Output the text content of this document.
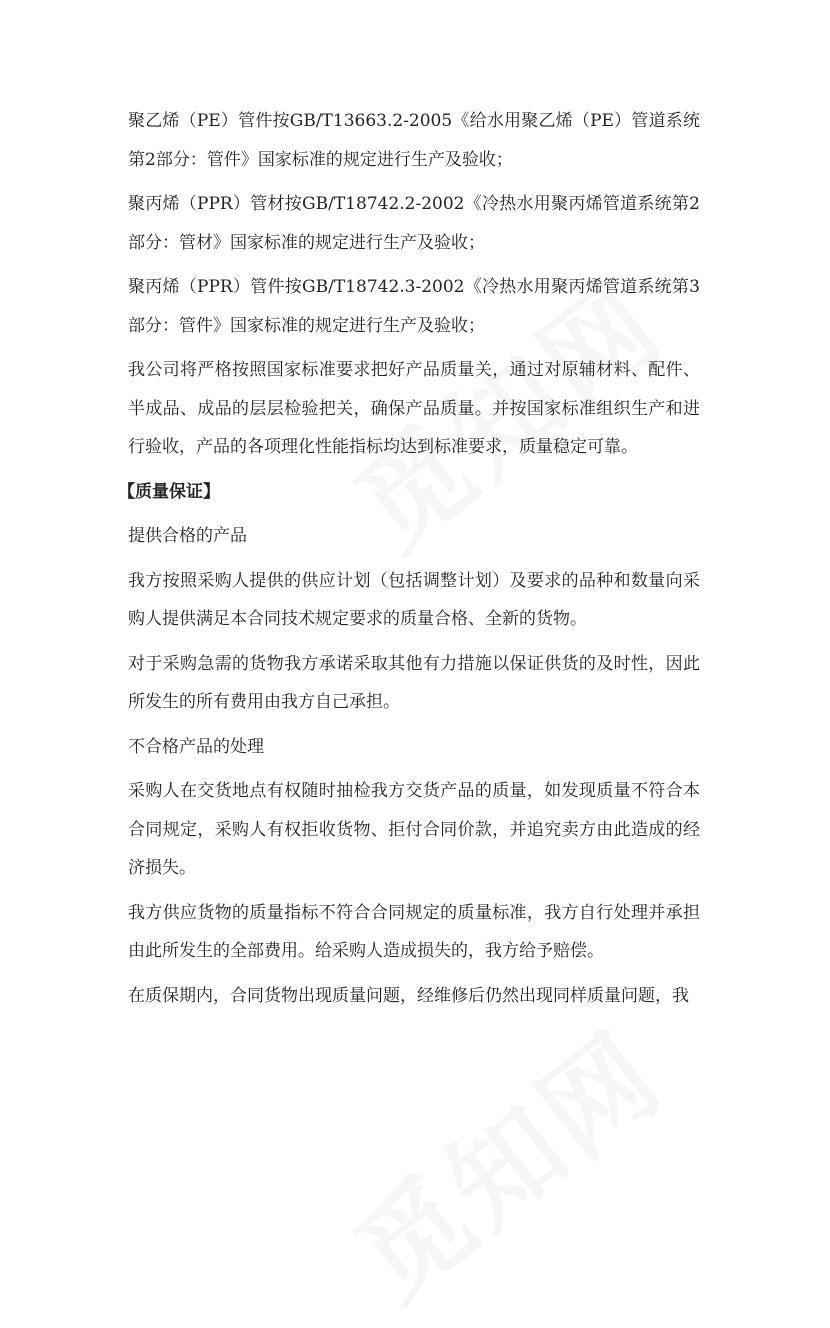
聚乙烯（PE）管件按GB/T13663.2-2005《给水用聚乙烯（PE）管道系统第2部分：管件》国家标准的规定进行生产及验收；

聚丙烯（PPR）管材按GB/T18742.2-2002《冷热水用聚丙烯管道系统第2部分：管材》国家标准的规定进行生产及验收；

聚丙烯（PPR）管件按GB/T18742.3-2002《冷热水用聚丙烯管道系统第3部分：管件》国家标准的规定进行生产及验收；

我公司将严格按照国家标准要求把好产品质量关，通过对原辅材料、配件、半成品、成品的层层检验把关，确保产品质量。并按国家标准组织生产和进行验收，产品的各项理化性能指标均达到标准要求，质量稳定可靠。

【质量保证】

提供合格的产品

我方按照采购人提供的供应计划（包括调整计划）及要求的品种和数量向采购人提供满足本合同技术规定要求的质量合格、全新的货物。

对于采购急需的货物我方承诺采取其他有力措施以保证供货的及时性，因此所发生的所有费用由我方自己承担。

不合格产品的处理

采购人在交货地点有权随时抽检我方交货产品的质量，如发现质量不符合本合同规定，采购人有权拒收货物、拒付合同价款，并追究卖方由此造成的经济损失。

我方供应货物的质量指标不符合合同规定的质量标准，我方自行处理并承担由此所发生的全部费用。给采购人造成损失的，我方给予赔偿。

在质保期内，合同货物出现质量问题，经维修后仍然出现同样质量问题，我
